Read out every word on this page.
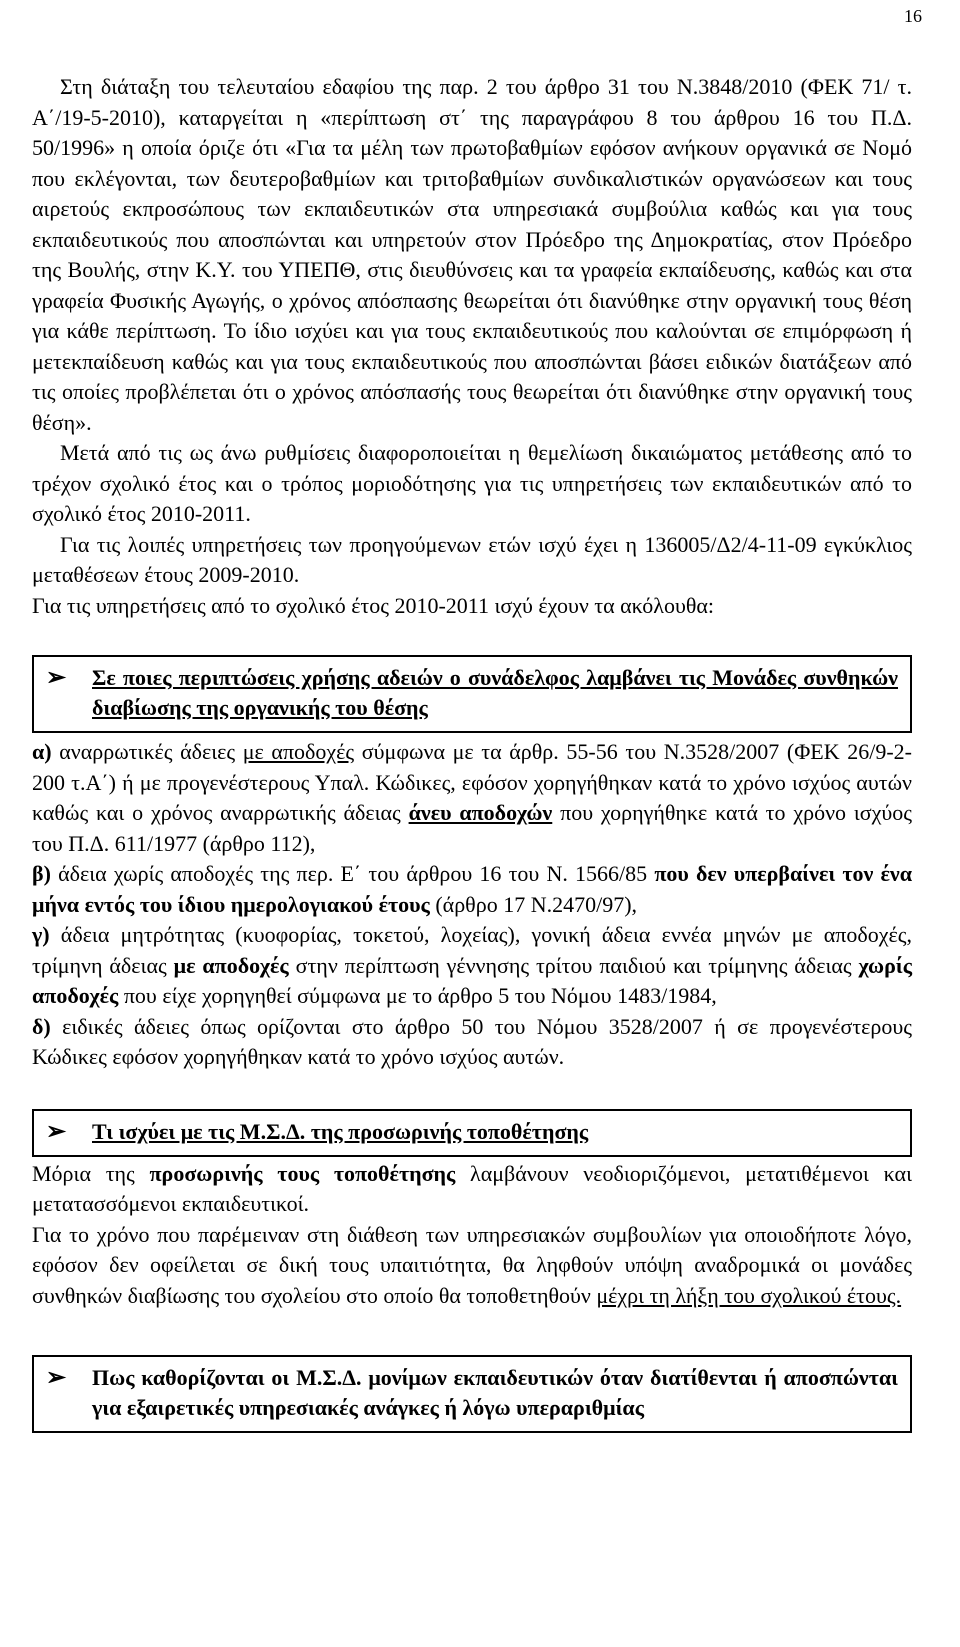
16

Στη διάταξη του τελευταίου εδαφίου της παρ. 2 του άρθρο 31 του Ν.3848/2010 (ΦΕΚ 71/ τ. Α΄/19-5-2010), καταργείται η «περίπτωση στ΄ της παραγράφου 8 του άρθρου 16 του Π.Δ. 50/1996» η οποία όριζε ότι «Για τα μέλη των πρωτοβαθμίων εφόσον ανήκουν οργανικά σε Νομό που εκλέγονται, των δευτεροβαθμίων και τριτοβαθμίων συνδικαλιστικών οργανώσεων και τους αιρετούς εκπροσώπους των εκπαιδευτικών στα υπηρεσιακά συμβούλια καθώς και για τους εκπαιδευτικούς που αποσπώνται και υπηρετούν στον Πρόεδρο της Δημοκρατίας, στον Πρόεδρο της Βουλής, στην Κ.Υ. του ΥΠΕΠΘ, στις διευθύνσεις και τα γραφεία εκπαίδευσης, καθώς και στα γραφεία Φυσικής Αγωγής, ο χρόνος απόσπασης θεωρείται ότι διανύθηκε στην οργανική τους θέση για κάθε περίπτωση. Το ίδιο ισχύει και για τους εκπαιδευτικούς που καλούνται σε επιμόρφωση ή μετεκπαίδευση καθώς και για τους εκπαιδευτικούς που αποσπώνται βάσει ειδικών διατάξεων από τις οποίες προβλέπεται ότι ο χρόνος απόσπασής τους θεωρείται ότι διανύθηκε στην οργανική τους θέση».

Μετά από τις ως άνω ρυθμίσεις διαφοροποιείται η θεμελίωση δικαιώματος μετάθεσης από το τρέχον σχολικό έτος και ο τρόπος μοριοδότησης για τις υπηρετήσεις των εκπαιδευτικών από το σχολικό έτος 2010-2011.

Για τις λοιπές υπηρετήσεις των προηγούμενων ετών ισχύ έχει η 136005/Δ2/4-11-09 εγκύκλιος μεταθέσεων έτους 2009-2010.

Για τις υπηρετήσεις από το σχολικό έτος 2010-2011 ισχύ έχουν τα ακόλουθα:

➢	Σε ποιες περιπτώσεις χρήσης αδειών ο συνάδελφος λαμβάνει τις Μονάδες συνθηκών διαβίωσης της οργανικής του θέσης

α) αναρρωτικές άδειες με αποδοχές σύμφωνα με τα άρθρ. 55-56 του Ν.3528/2007 (ΦΕΚ 26/9-2-200 τ.Α΄) ή με προγενέστερους Υπαλ. Κώδικες, εφόσον χορηγήθηκαν κατά το χρόνο ισχύος αυτών καθώς και ο χρόνος αναρρωτικής άδειας άνευ αποδοχών που χορηγήθηκε κατά το χρόνο ισχύος του Π.Δ. 611/1977 (άρθρο 112),

β) άδεια χωρίς αποδοχές της περ. Ε΄ του άρθρου 16 του Ν. 1566/85 που δεν υπερβαίνει τον ένα μήνα εντός του ίδιου ημερολογιακού έτους (άρθρο 17 Ν.2470/97),

γ) άδεια μητρότητας (κυοφορίας, τοκετού, λοχείας), γονική άδεια εννέα μηνών με αποδοχές, τρίμηνη άδειας με αποδοχές στην περίπτωση γέννησης τρίτου παιδιού και τρίμηνης άδειας χωρίς αποδοχές που είχε χορηγηθεί σύμφωνα με το άρθρο 5 του Νόμου 1483/1984,

δ) ειδικές άδειες όπως ορίζονται στο άρθρο 50 του Νόμου 3528/2007 ή σε προγενέστερους Κώδικες εφόσον χορηγήθηκαν κατά το χρόνο ισχύος αυτών.

➢	Τι ισχύει με τις Μ.Σ.Δ. της προσωρινής τοποθέτησης

Μόρια της προσωρινής τους τοποθέτησης λαμβάνουν νεοδιοριζόμενοι, μετατιθέμενοι και μετατασσόμενοι εκπαιδευτικοί.

Για το χρόνο που παρέμειναν στη διάθεση των υπηρεσιακών συμβουλίων για οποιοδήποτε λόγο, εφόσον δεν οφείλεται σε δική τους υπαιτιότητα, θα ληφθούν υπόψη αναδρομικά οι μονάδες συνθηκών διαβίωσης του σχολείου στο οποίο θα τοποθετηθούν μέχρι τη λήξη του σχολικού έτους.

➢	Πως καθορίζονται οι Μ.Σ.Δ. μονίμων εκπαιδευτικών όταν διατίθενται ή αποσπώνται για εξαιρετικές υπηρεσιακές ανάγκες ή λόγω υπεραριθμίας
